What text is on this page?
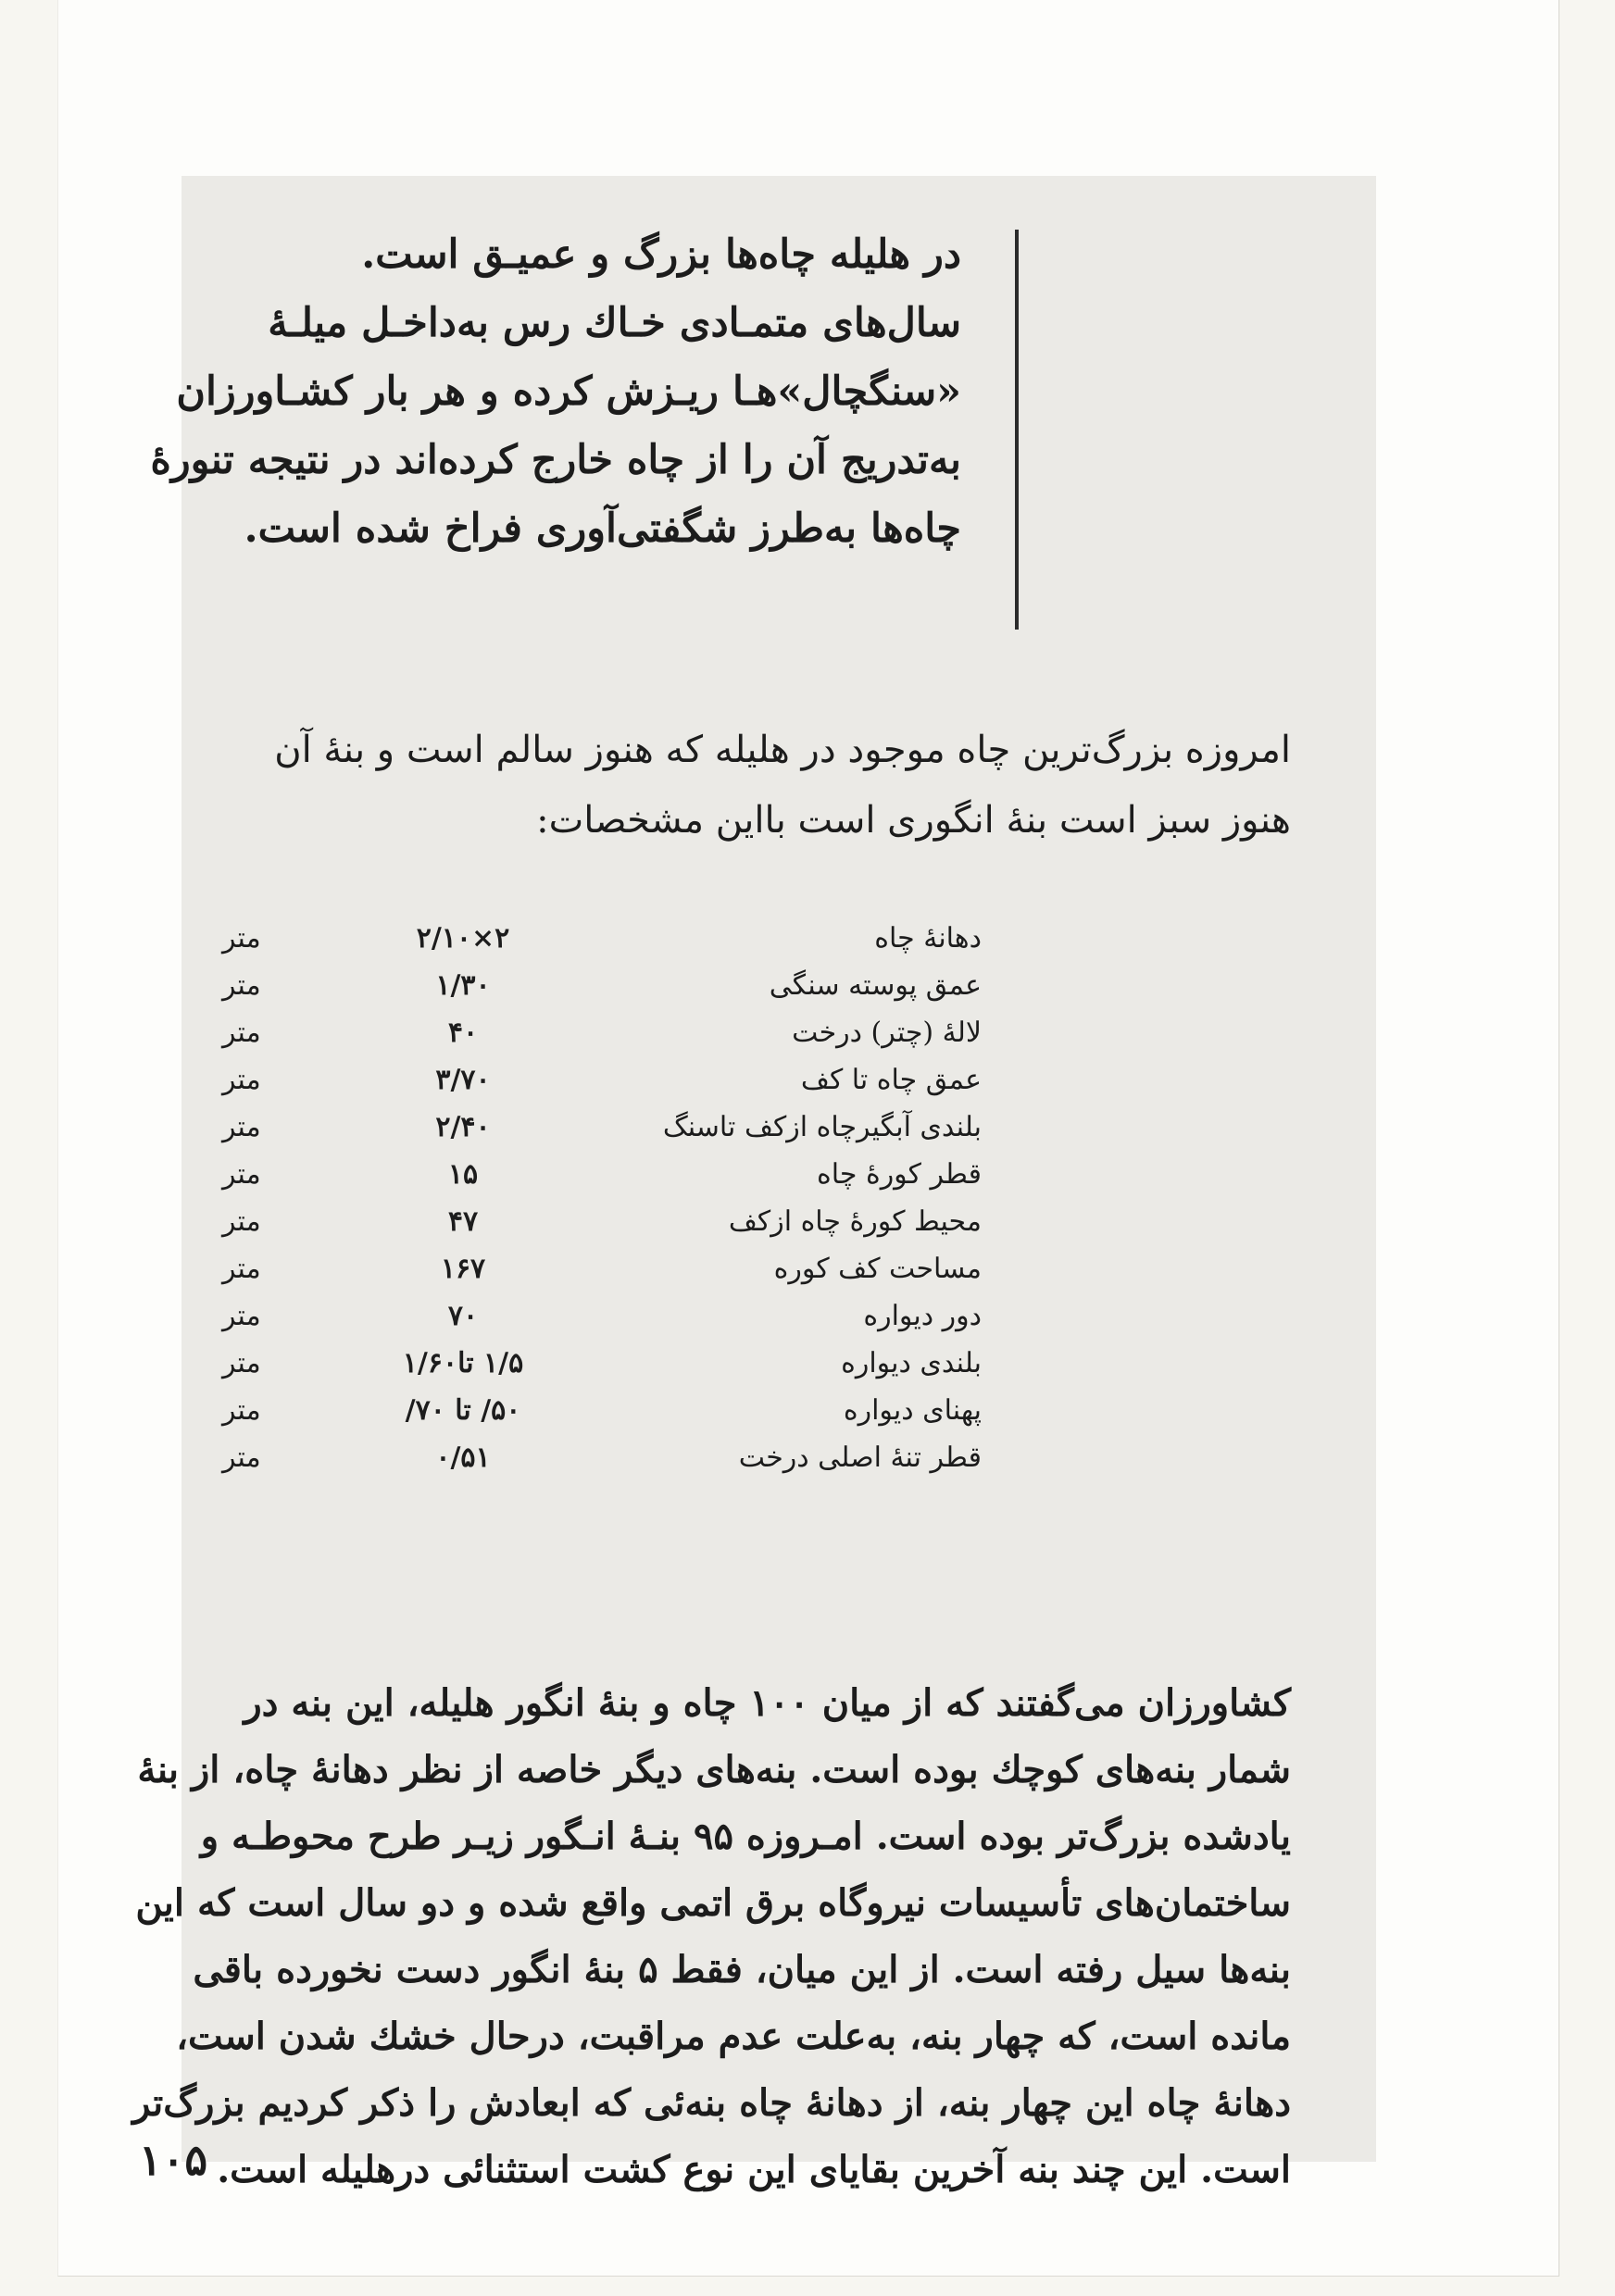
در هلیله چاه‌ها بزرگ و عمیـق است.

سال‌های متمـادی خـاك رس به‌داخـل میلـهٔ

«سنگچال»هـا ریـزش کرده و هر بار کشـاورزان

به‌تدریج آن را از چاه خارج کرده‌اند در نتیجه تنورهٔ

چاه‌ها به‌طرز شگفتی‌آوری فراخ شده است.

امروزه بزرگ‌ترین چاه موجود در هلیله که هنوز سالم است و بنهٔ آن

هنوز سبز است بنهٔ انگوری است بااین مشخصات:

دهانهٔ چاه
۲×۲/۱۰
متر
عمق پوسته سنگی
۱/۳۰
متر
لالهٔ (چتر) درخت
۴۰
متر
عمق چاه تا کف
۳/۷۰
متر
بلندی آبگیرچاه ازکف تاسنگ
۲/۴۰
متر
قطر کورهٔ چاه
۱۵
متر
محیط کورهٔ چاه ازکف
۴۷
متر
مساحت کف کوره
۱۶۷
متر
دور دیواره
۷۰
متر
بلندی دیواره
۱/۵ تا۱/۶۰
متر
پهنای دیواره
۵۰/ تا ۷۰/
متر
قطر تنهٔ اصلی درخت
۰/۵۱
متر

کشاورزان می‌گفتند که از میان ۱۰۰ چاه و بنهٔ انگور هلیله، این بنه در

شمار بنه‌های کوچك بوده است. بنه‌های دیگر خاصه از نظر دهانهٔ چاه، از بنهٔ

یادشده بزرگ‌تر بوده است. امـروزه ۹۵ بنـهٔ انـگور زیـر طرح محوطـه و

ساختمان‌های تأسیسات نیروگاه برق اتمی واقع شده و دو سال است که این

بنه‌ها سیل رفته است. از این میان، فقط ۵ بنهٔ انگور دست نخورده باقی

مانده است، که چهار بنه، به‌علت عدم مراقبت، درحال خشك شدن است،

دهانهٔ چاه این چهار بنه، از دهانهٔ چاه بنه‌ئی که ابعادش را ذکر کردیم بزرگ‌تر

است. این چند بنه آخرین بقایای این نوع کشت استثنائی درهلیله است.

۱۰۵
